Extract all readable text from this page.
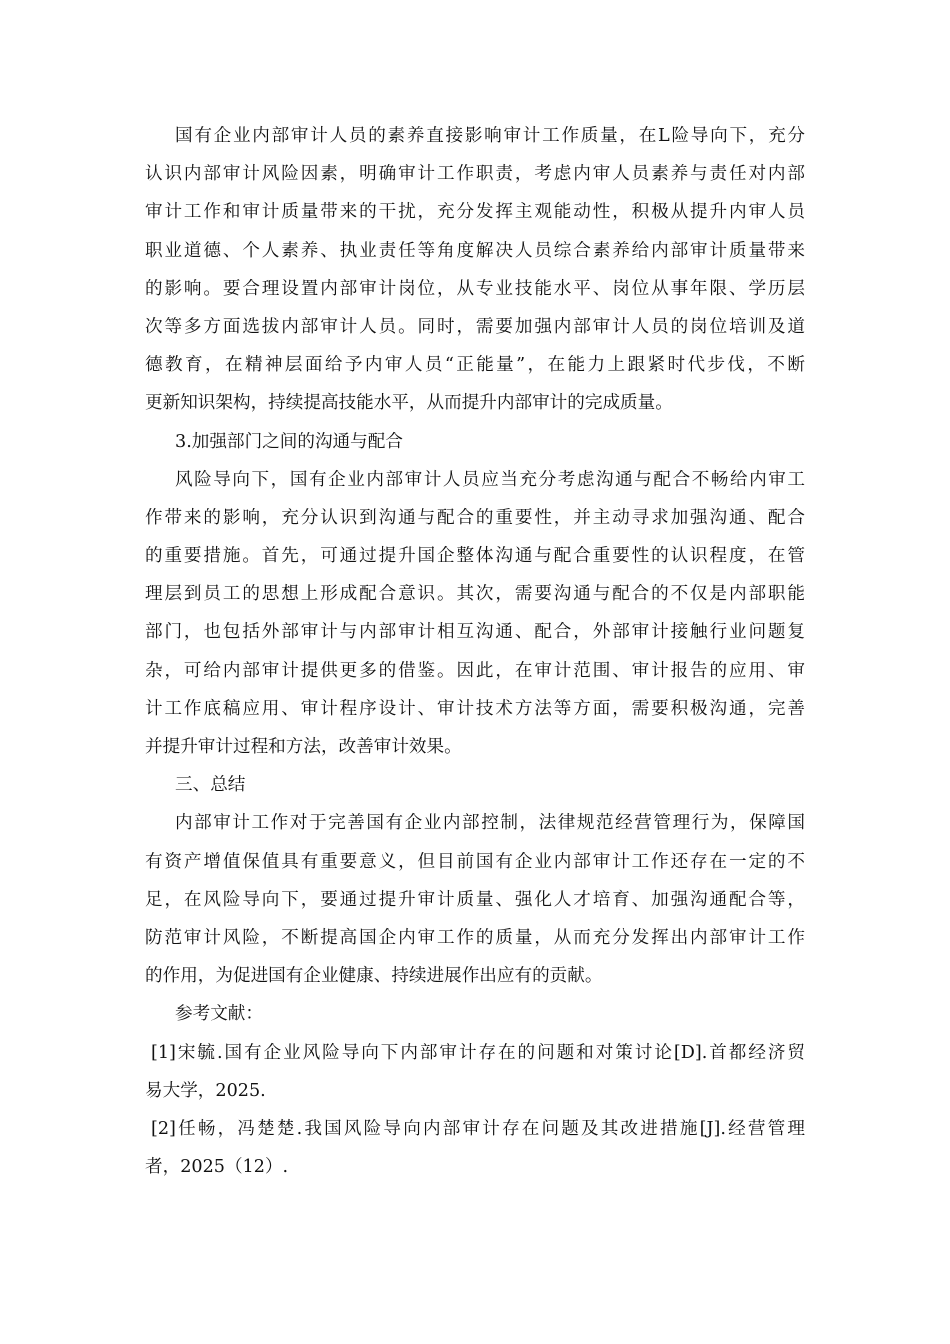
国有企业内部审计人员的素养直接影响审计工作质量，在L险导向下，充分
认识内部审计风险因素，明确审计工作职责，考虑内审人员素养与责任对内部
审计工作和审计质量带来的干扰，充分发挥主观能动性，积极从提升内审人员
职业道德、个人素养、执业责任等角度解决人员综合素养给内部审计质量带来
的影响。要合理设置内部审计岗位，从专业技能水平、岗位从事年限、学历层
次等多方面选拔内部审计人员。同时，需要加强内部审计人员的岗位培训及道
德教育，在精神层面给予内审人员“正能量”，在能力上跟紧时代步伐，不断
更新知识架构，持续提高技能水平，从而提升内部审计的完成质量。
3.加强部门之间的沟通与配合
风险导向下，国有企业内部审计人员应当充分考虑沟通与配合不畅给内审工
作带来的影响，充分认识到沟通与配合的重要性，并主动寻求加强沟通、配合
的重要措施。首先，可通过提升国企整体沟通与配合重要性的认识程度，在管
理层到员工的思想上形成配合意识。其次，需要沟通与配合的不仅是内部职能
部门，也包括外部审计与内部审计相互沟通、配合，外部审计接触行业问题复
杂，可给内部审计提供更多的借鉴。因此，在审计范围、审计报告的应用、审
计工作底稿应用、审计程序设计、审计技术方法等方面，需要积极沟通，完善
并提升审计过程和方法，改善审计效果。
三、总结
内部审计工作对于完善国有企业内部控制，法律规范经营管理行为，保障国
有资产增值保值具有重要意义，但目前国有企业内部审计工作还存在一定的不
足，在风险导向下，要通过提升审计质量、强化人才培育、加强沟通配合等，
防范审计风险，不断提高国企内审工作的质量，从而充分发挥出内部审计工作
的作用，为促进国有企业健康、持续进展作出应有的贡献。
参考文献：
[1]宋毓.国有企业风险导向下内部审计存在的问题和对策讨论[D].首都经济贸
易大学，2025.
[2]任畅，冯楚楚.我国风险导向内部审计存在问题及其改进措施[J].经营管理
者，2025（12）.
